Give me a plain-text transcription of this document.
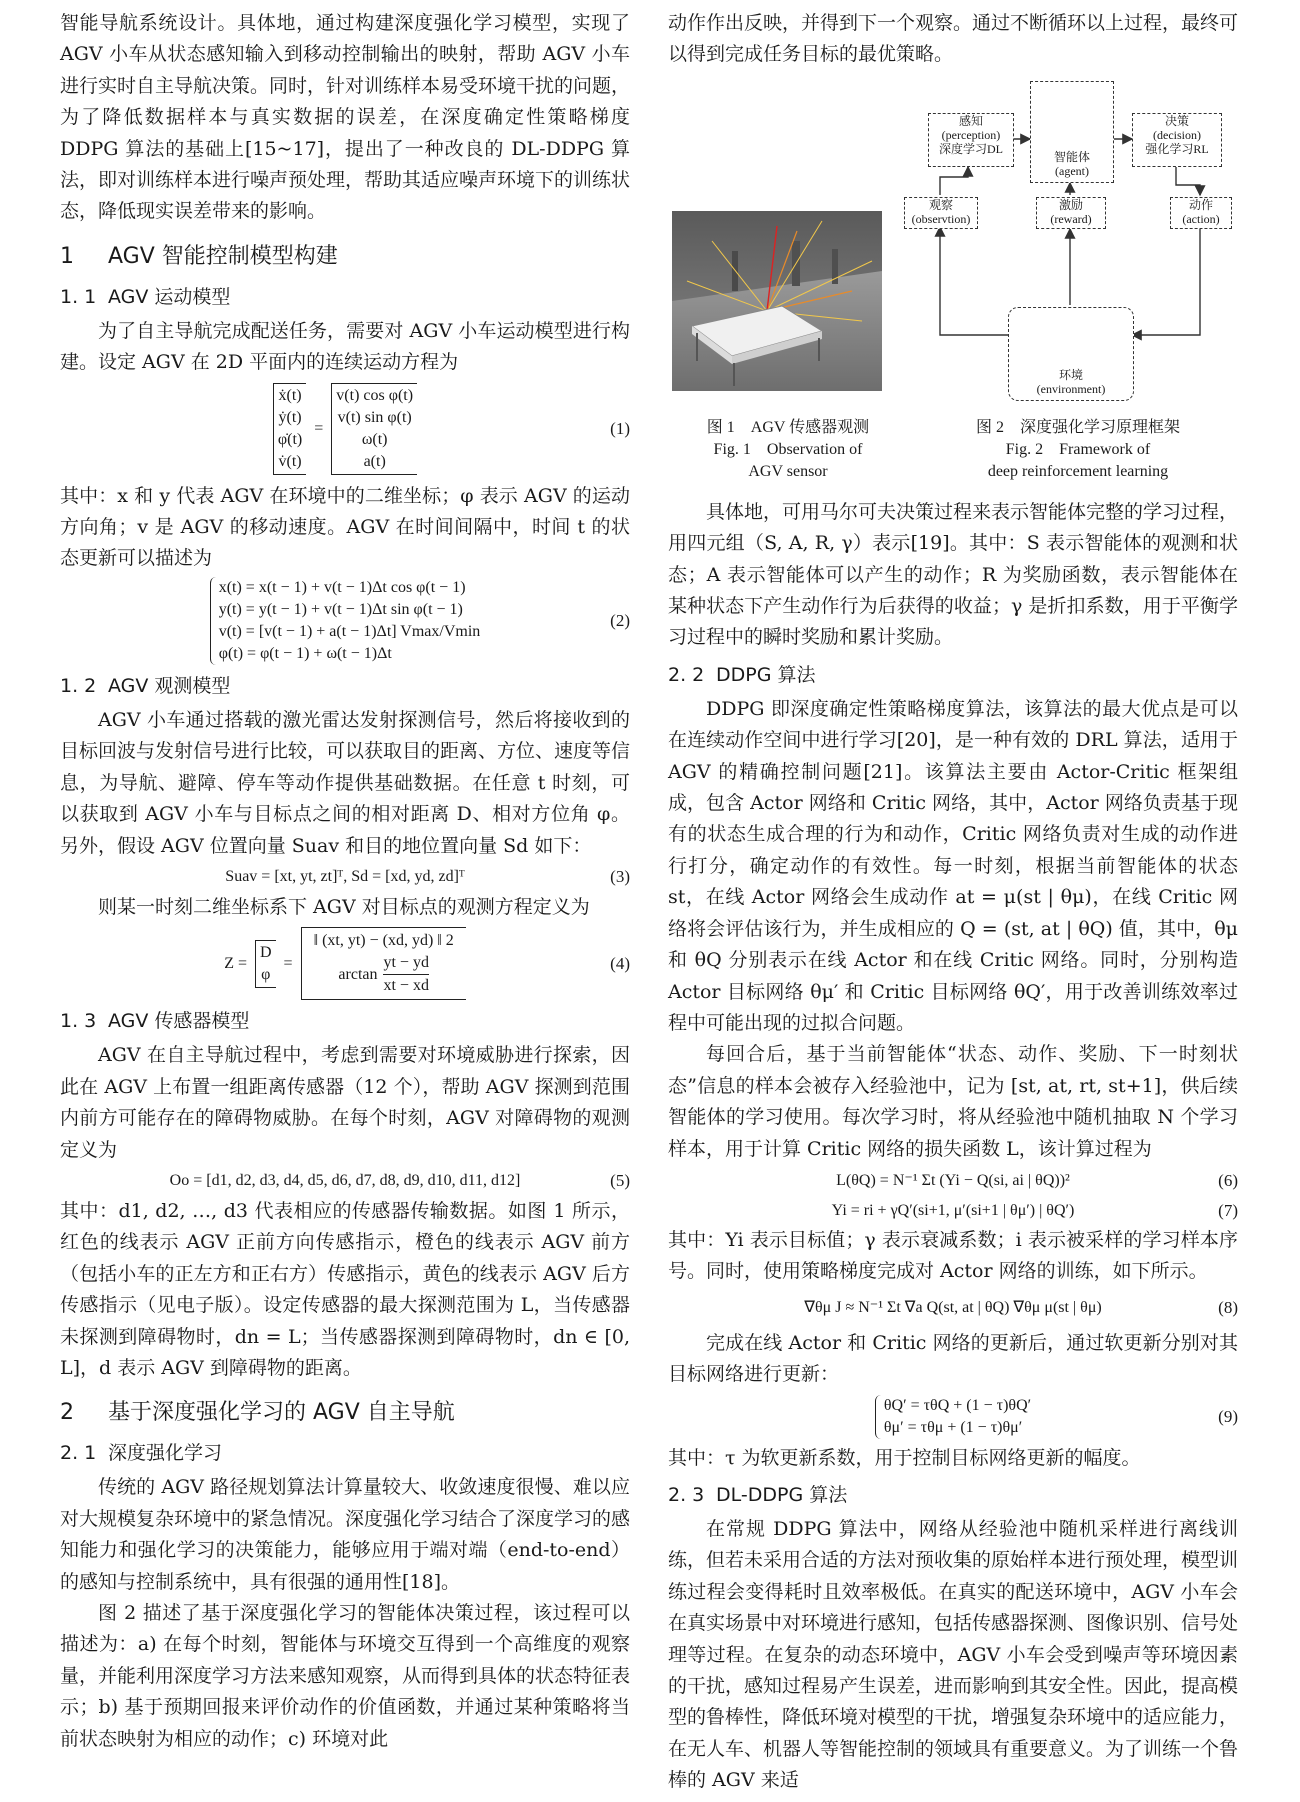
智能导航系统设计。具体地，通过构建深度强化学习模型，实现了 AGV 小车从状态感知输入到移动控制输出的映射，帮助 AGV 小车进行实时自主导航决策。同时，针对训练样本易受环境干扰的问题，为了降低数据样本与真实数据的误差，在深度确定性策略梯度 DDPG 算法的基础上[15~17]，提出了一种改良的 DL-DDPG 算法，即对训练样本进行噪声预处理，帮助其适应噪声环境下的训练状态，降低现实误差带来的影响。

1 AGV 智能控制模型构建
1. 1 AGV 运动模型

为了自主导航完成配送任务，需要对 AGV 小车运动模型进行构建。设定 AGV 在 2D 平面内的连续运动方程为

ẋ(t)
ẏ(t)
φ̇(t)
v̇(t)
=
v(t) cos φ(t)
v(t) sin φ(t)
ω(t)
a(t)
(1)

其中：x 和 y 代表 AGV 在环境中的二维坐标；φ 表示 AGV 的运动方向角；v 是 AGV 的移动速度。AGV 在时间间隔中，时间 t 的状态更新可以描述为

x(t) = x(t − 1) + v(t − 1)Δt cos φ(t − 1)
y(t) = y(t − 1) + v(t − 1)Δt sin φ(t − 1)
v(t) = [v(t − 1) + a(t − 1)Δt] Vmax/Vmin
φ(t) = φ(t − 1) + ω(t − 1)Δt
(2)
1. 2 AGV 观测模型

AGV 小车通过搭载的激光雷达发射探测信号，然后将接收到的目标回波与发射信号进行比较，可以获取目的距离、方位、速度等信息，为导航、避障、停车等动作提供基础数据。在任意 t 时刻，可以获取到 AGV 小车与目标点之间的相对距离 D、相对方位角 φ。另外，假设 AGV 位置向量 Suav 和目的地位置向量 Sd 如下：

Suav = [xt, yt, zt]ᵀ, Sd = [xd, yd, zd]ᵀ	(3)

则某一时刻二维坐标系下 AGV 对目标点的观测方程定义为

Z =
D
φ
=
‖ (xt, yt) − (xd, yd) ‖ 2
arctan
yt − yd
xt − xd
(4)
1. 3 AGV 传感器模型

AGV 在自主导航过程中，考虑到需要对环境威胁进行探索，因此在 AGV 上布置一组距离传感器（12 个），帮助 AGV 探测到范围内前方可能存在的障碍物威胁。在每个时刻，AGV 对障碍物的观测定义为

Oo = [d1, d2, d3, d4, d5, d6, d7, d8, d9, d10, d11, d12]	(5)

其中：d1, d2, …, d3 代表相应的传感器传输数据。如图 1 所示，红色的线表示 AGV 正前方向传感指示，橙色的线表示 AGV 前方（包括小车的正左方和正右方）传感指示，黄色的线表示 AGV 后方传感指示（见电子版）。设定传感器的最大探测范围为 L，当传感器未探测到障碍物时，dn = L；当传感器探测到障碍物时，dn ∈ [0, L]，d 表示 AGV 到障碍物的距离。

2 基于深度强化学习的 AGV 自主导航
2. 1 深度强化学习

传统的 AGV 路径规划算法计算量较大、收敛速度很慢、难以应对大规模复杂环境中的紧急情况。深度强化学习结合了深度学习的感知能力和强化学习的决策能力，能够应用于端对端（end-to-end）的感知与控制系统中，具有很强的通用性[18]。

图 2 描述了基于深度强化学习的智能体决策过程，该过程可以描述为：a) 在每个时刻，智能体与环境交互得到一个高维度的观察量，并能利用深度学习方法来感知观察，从而得到具体的状态特征表示；b) 基于预期回报来评价动作的价值函数，并通过某种策略将当前状态映射为相应的动作；c) 环境对此

动作作出反映，并得到下一个观察。通过不断循环以上过程，最终可以得到完成任务目标的最优策略。

感知
(perception)
深度学习DL
智能体
(agent)
决策
(decision)
强化学习RL
观察
(observtion)
激励
(reward)
动作
(action)
环境
(environment)
图 1　AGV 传感器观测
Fig. 1　Observation of
AGV sensor
图 2　深度强化学习原理框架
Fig. 2　Framework of
deep reinforcement learning

具体地，可用马尔可夫决策过程来表示智能体完整的学习过程，用四元组（S, A, R, γ）表示[19]。其中：S 表示智能体的观测和状态；A 表示智能体可以产生的动作；R 为奖励函数，表示智能体在某种状态下产生动作行为后获得的收益；γ 是折扣系数，用于平衡学习过程中的瞬时奖励和累计奖励。

2. 2 DDPG 算法

DDPG 即深度确定性策略梯度算法，该算法的最大优点是可以在连续动作空间中进行学习[20]，是一种有效的 DRL 算法，适用于 AGV 的精确控制问题[21]。该算法主要由 Actor-Critic 框架组成，包含 Actor 网络和 Critic 网络，其中，Actor 网络负责基于现有的状态生成合理的行为和动作，Critic 网络负责对生成的动作进行打分，确定动作的有效性。每一时刻，根据当前智能体的状态 st，在线 Actor 网络会生成动作 at = μ(st | θμ)，在线 Critic 网络将会评估该行为，并生成相应的 Q = (st, at | θQ) 值，其中，θμ 和 θQ 分别表示在线 Actor 和在线 Critic 网络。同时，分别构造 Actor 目标网络 θμ′ 和 Critic 目标网络 θQ′，用于改善训练效率过程中可能出现的过拟合问题。

每回合后，基于当前智能体“状态、动作、奖励、下一时刻状态”信息的样本会被存入经验池中，记为 [st, at, rt, st+1]，供后续智能体的学习使用。每次学习时，将从经验池中随机抽取 N 个学习样本，用于计算 Critic 网络的损失函数 L，该计算过程为

L(θQ) = N⁻¹ Σt (Yi − Q(si, ai | θQ))²	(6)
Yi = ri + γQ′(si+1, μ′(si+1 | θμ′) | θQ′)	(7)

其中：Yi 表示目标值；γ 表示衰减系数；i 表示被采样的学习样本序号。同时，使用策略梯度完成对 Actor 网络的训练，如下所示。

∇θμ J ≈ N⁻¹ Σt ∇a Q(st, at | θQ) ∇θμ μ(st | θμ)	(8)

完成在线 Actor 和 Critic 网络的更新后，通过软更新分别对其目标网络进行更新：

θQ′ = τθQ + (1 − τ)θQ′
θμ′ = τθμ + (1 − τ)θμ′
(9)

其中：τ 为软更新系数，用于控制目标网络更新的幅度。

2. 3 DL-DDPG 算法

在常规 DDPG 算法中，网络从经验池中随机采样进行离线训练，但若未采用合适的方法对预收集的原始样本进行预处理，模型训练过程会变得耗时且效率极低。在真实的配送环境中，AGV 小车会在真实场景中对环境进行感知，包括传感器探测、图像识别、信号处理等过程。在复杂的动态环境中，AGV 小车会受到噪声等环境因素的干扰，感知过程易产生误差，进而影响到其安全性。因此，提高模型的鲁棒性，降低环境对模型的干扰，增强复杂环境中的适应能力，在无人车、机器人等智能控制的领域具有重要意义。为了训练一个鲁棒的 AGV 来适
